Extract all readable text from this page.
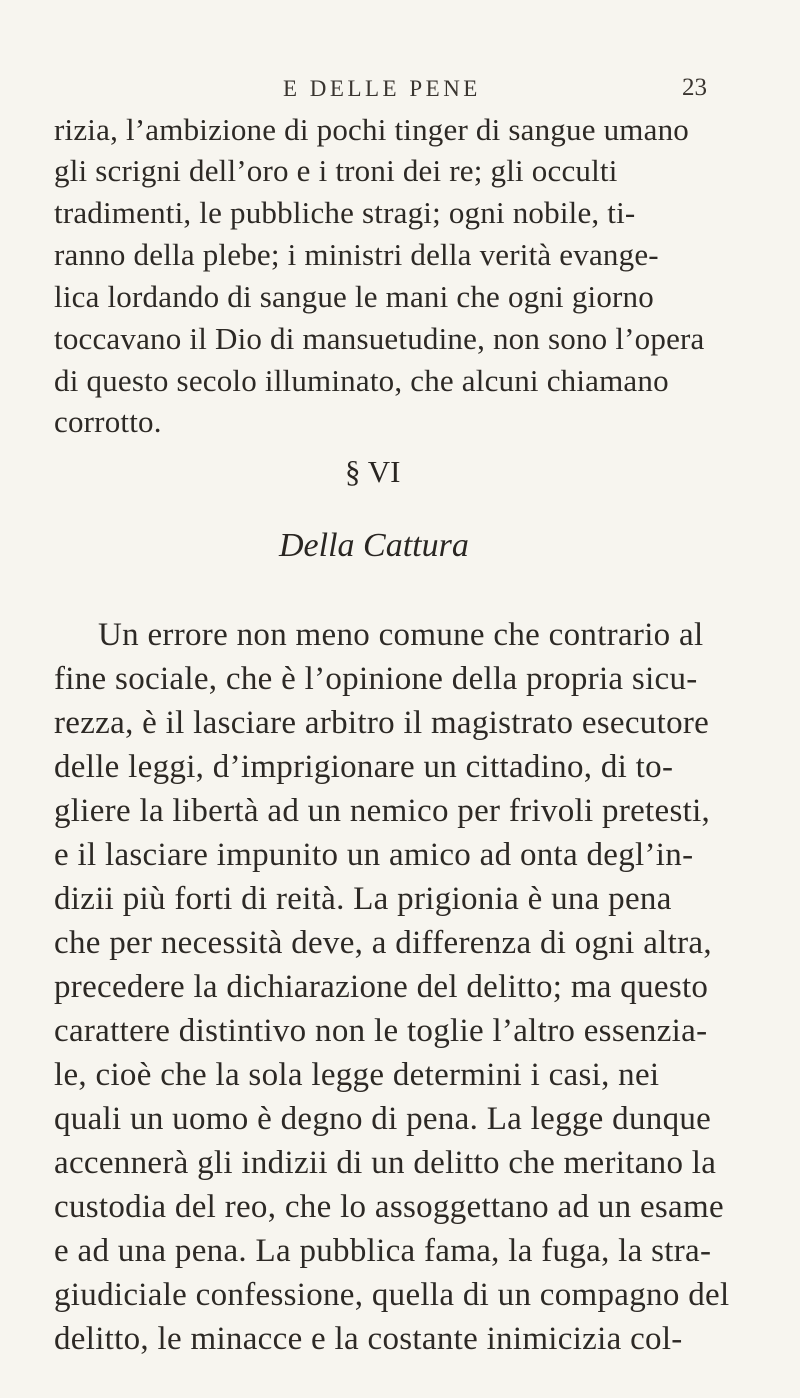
E DELLE PENE	23
rizia, l’ambizione di pochi tinger di sangue umano
gli scrigni dell’oro e i troni dei re; gli occulti
tradimenti, le pubbliche stragi; ogni nobile, ti-
ranno della plebe; i ministri della verità evange-
lica lordando di sangue le mani che ogni giorno
toccavano il Dio di mansuetudine, non sono l’opera
di questo secolo illuminato, che alcuni chiamano
corrotto.
§ VI
Della Cattura
Un errore non meno comune che contrario al
fine sociale, che è l’opinione della propria sicu-
rezza, è il lasciare arbitro il magistrato esecutore
delle leggi, d’imprigionare un cittadino, di to-
gliere la libertà ad un nemico per frivoli pretesti,
e il lasciare impunito un amico ad onta degl’in-
dizii più forti di reità. La prigionia è una pena
che per necessità deve, a differenza di ogni altra,
precedere la dichiarazione del delitto; ma questo
carattere distintivo non le toglie l’altro essenzia-
le, cioè che la sola legge determini i casi, nei
quali un uomo è degno di pena. La legge dunque
accennerà gli indizii di un delitto che meritano la
custodia del reo, che lo assoggettano ad un esame
e ad una pena. La pubblica fama, la fuga, la stra-
giudiciale confessione, quella di un compagno del
delitto, le minacce e la costante inimicizia col-
